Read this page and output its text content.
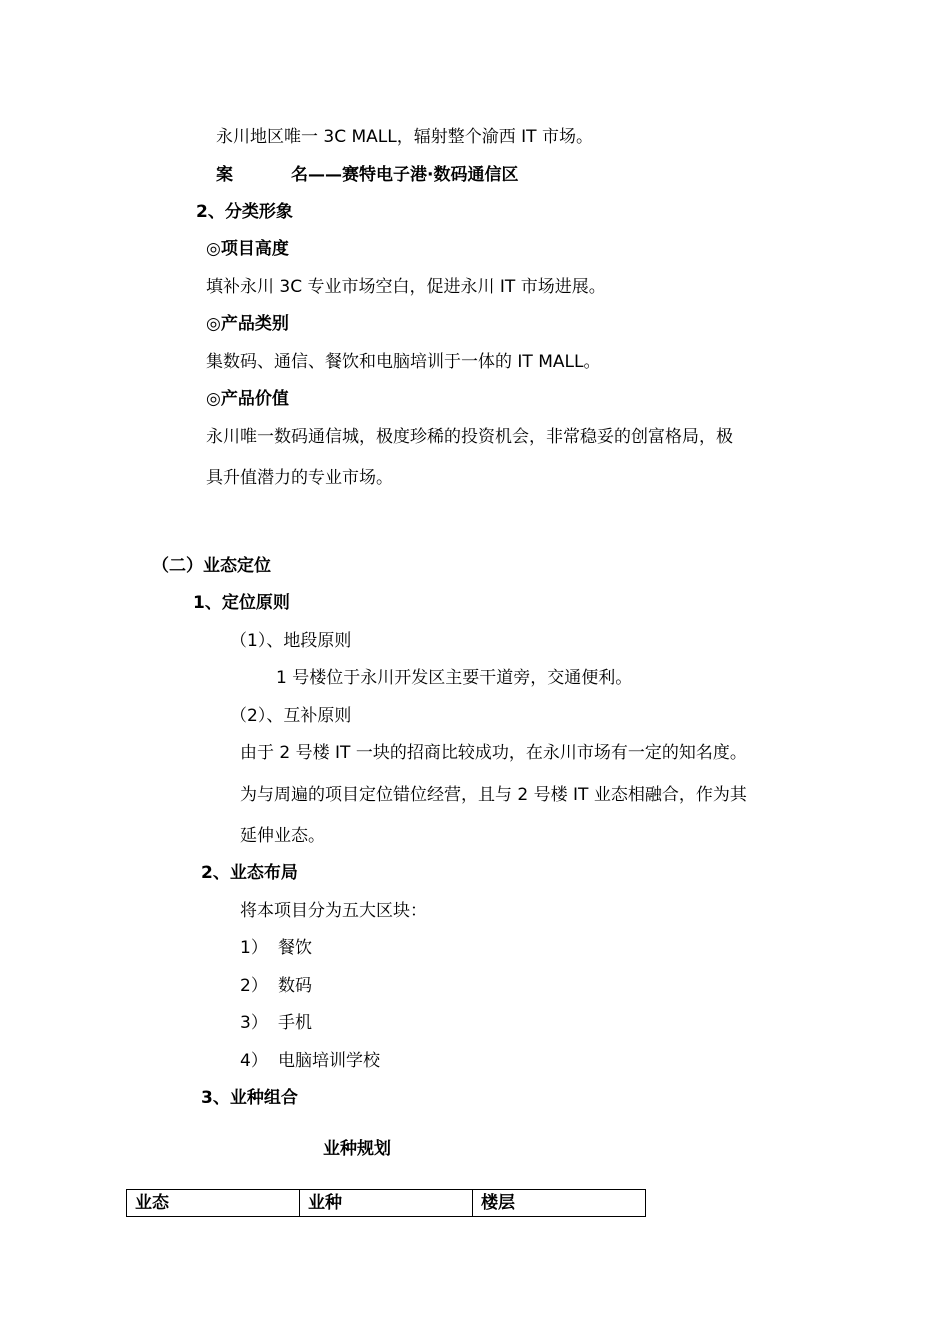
永川地区唯一 3C MALL，辐射整个渝西 IT 市场。
案	名——赛特电子港·数码通信区
2、分类形象
◎项目高度
填补永川 3C 专业市场空白，促进永川 IT 市场进展。
◎产品类别
集数码、通信、餐饮和电脑培训于一体的 IT MALL。
◎产品价值
永川唯一数码通信城，极度珍稀的投资机会，非常稳妥的创富格局，极
具升值潜力的专业市场。
（二）业态定位
1、定位原则
（1）、地段原则
1 号楼位于永川开发区主要干道旁，交通便利。
（2）、互补原则
由于 2 号楼 IT 一块的招商比较成功，在永川市场有一定的知名度。
为与周遍的项目定位错位经营，且与 2 号楼 IT 业态相融合，作为其
延伸业态。
2、业态布局
将本项目分为五大区块：
1） 餐饮
2） 数码
3） 手机
4） 电脑培训学校
3、业种组合
业种规划
业态	业种	楼层
